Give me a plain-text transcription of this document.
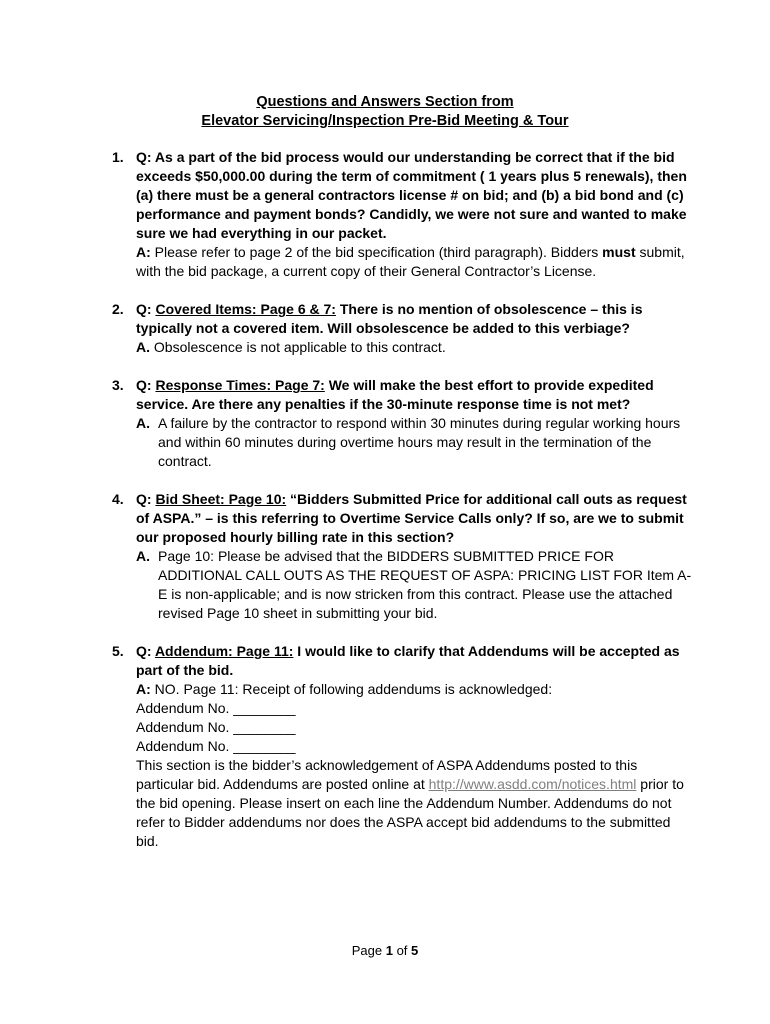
Questions and Answers Section from
Elevator Servicing/Inspection Pre-Bid Meeting & Tour
1. Q: As a part of the bid process would our understanding be correct that if the bid exceeds $50,000.00 during the term of commitment ( 1 years plus 5 renewals), then (a) there must be a general contractors license # on bid; and (b) a bid bond and (c) performance and payment bonds? Candidly, we were not sure and wanted to make sure we had everything in our packet.
A: Please refer to page 2 of the bid specification (third paragraph). Bidders must submit, with the bid package, a current copy of their General Contractor’s License.
2. Q: Covered Items: Page 6 & 7: There is no mention of obsolescence – this is typically not a covered item. Will obsolescence be added to this verbiage?
A. Obsolescence is not applicable to this contract.
3. Q: Response Times: Page 7: We will make the best effort to provide expedited service. Are there any penalties if the 30-minute response time is not met?
A. A failure by the contractor to respond within 30 minutes during regular working hours and within 60 minutes during overtime hours may result in the termination of the contract.
4. Q: Bid Sheet: Page 10: “Bidders Submitted Price for additional call outs as request of ASPA.” – is this referring to Overtime Service Calls only? If so, are we to submit our proposed hourly billing rate in this section?
A. Page 10: Please be advised that the BIDDERS SUBMITTED PRICE FOR ADDITIONAL CALL OUTS AS THE REQUEST OF ASPA: PRICING LIST FOR Item A-E is non-applicable; and is now stricken from this contract. Please use the attached revised Page 10 sheet in submitting your bid.
5. Q: Addendum: Page 11: I would like to clarify that Addendums will be accepted as part of the bid.
A: NO. Page 11: Receipt of following addendums is acknowledged:
Addendum No. ________
Addendum No. ________
Addendum No. ________
This section is the bidder’s acknowledgement of ASPA Addendums posted to this particular bid. Addendums are posted online at http://www.asdd.com/notices.html prior to the bid opening. Please insert on each line the Addendum Number. Addendums do not refer to Bidder addendums nor does the ASPA accept bid addendums to the submitted bid.
Page 1 of 5
